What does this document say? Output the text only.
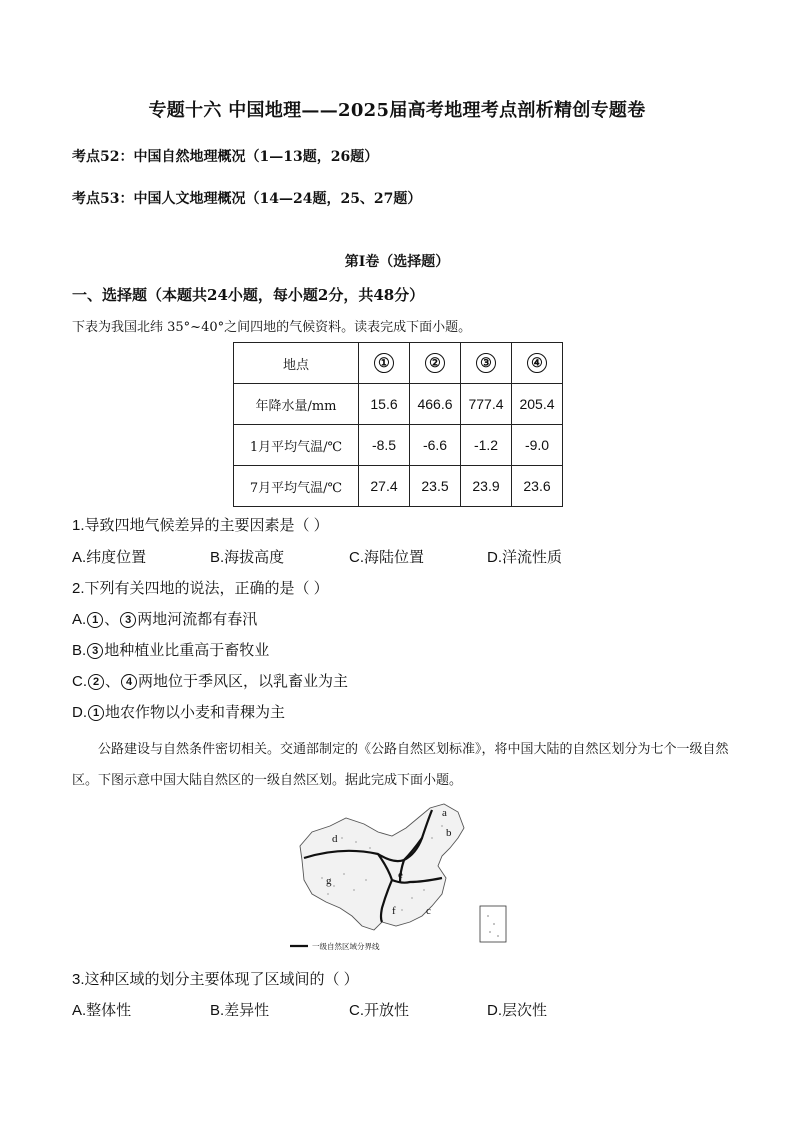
专题十六 中国地理——2025届高考地理考点剖析精创专题卷
考点52：中国自然地理概况（1—13题，26题）
考点53：中国人文地理概况（14—24题，25、27题）
第I卷（选择题）
一、选择题（本题共24小题，每小题2分，共48分）
下表为我国北纬 35°~40°之间四地的气候资料。读表完成下面小题。
地点	①	②	③	④
年降水量/mm	15.6	466.6	777.4	205.4
1月平均气温/℃	-8.5	-6.6	-1.2	-9.0
7月平均气温/℃	27.4	23.5	23.9	23.6
1.导致四地气候差异的主要因素是（ ）
A.纬度位置	B.海拔高度	C.海陆位置	D.洋流性质
2.下列有关四地的说法，正确的是（ ）
A. 1 、 3 两地河流都有春汛
B. 3 地种植业比重高于畜牧业
C. 2 、 4 两地位于季风区，以乳畜业为主
D. 1 地农作物以小麦和青稞为主
公路建设与自然条件密切相关。交通部制定的《公路自然区划标准》，将中国大陆的自然区划分为七个一级自然区。下图示意中国大陆自然区的一级自然区划。据此完成下面小题。
a
b
c
d
e
f
g
一级自然区域分界线
3.这种区域的划分主要体现了区域间的（ ）
A.整体性	B.差异性	C.开放性	D.层次性
